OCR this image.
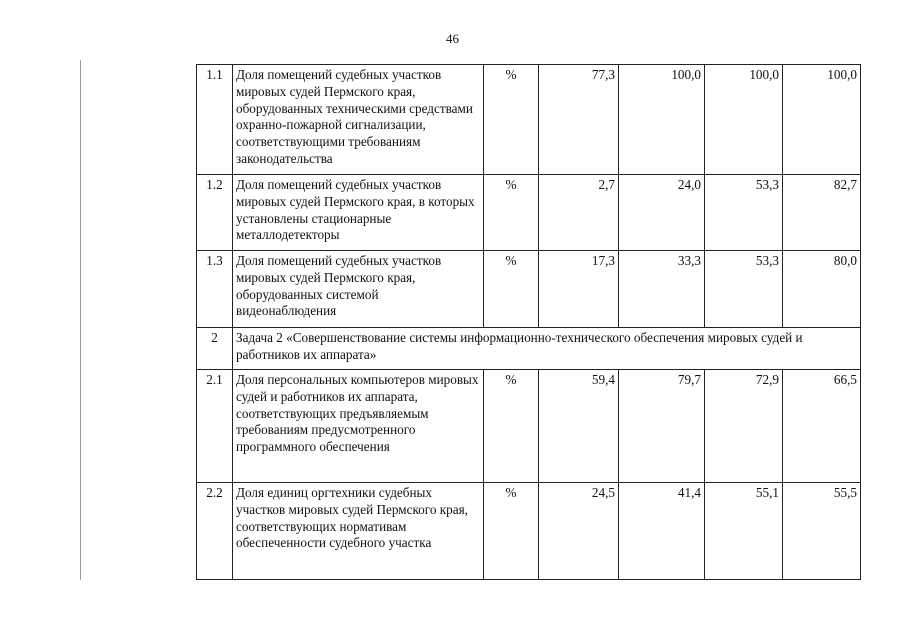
46
1.1	Доля помещений судебных участков мировых судей Пермского края, оборудованных техническими средствами охранно-пожарной сигнализации, соответствующими требованиям законодательства	%	77,3	100,0	100,0	100,0
1.2	Доля помещений судебных участков мировых судей Пермского края, в которых установлены стационарные металлодетекторы	%	2,7	24,0	53,3	82,7
1.3	Доля помещений судебных участков мировых судей Пермского края, оборудованных системой видеонаблюдения	%	17,3	33,3	53,3	80,0
2	Задача 2 «Совершенствование системы информационно-технического обеспечения мировых судей и работников их аппарата»					
2.1	Доля персональных компьютеров мировых судей и работников их аппарата, соответствующих предъявляемым требованиям предусмотренного программного обеспечения	%	59,4	79,7	72,9	66,5
2.2	Доля единиц оргтехники судебных участков мировых судей Пермского края, соответствующих нормативам обеспеченности судебного участка	%	24,5	41,4	55,1	55,5
